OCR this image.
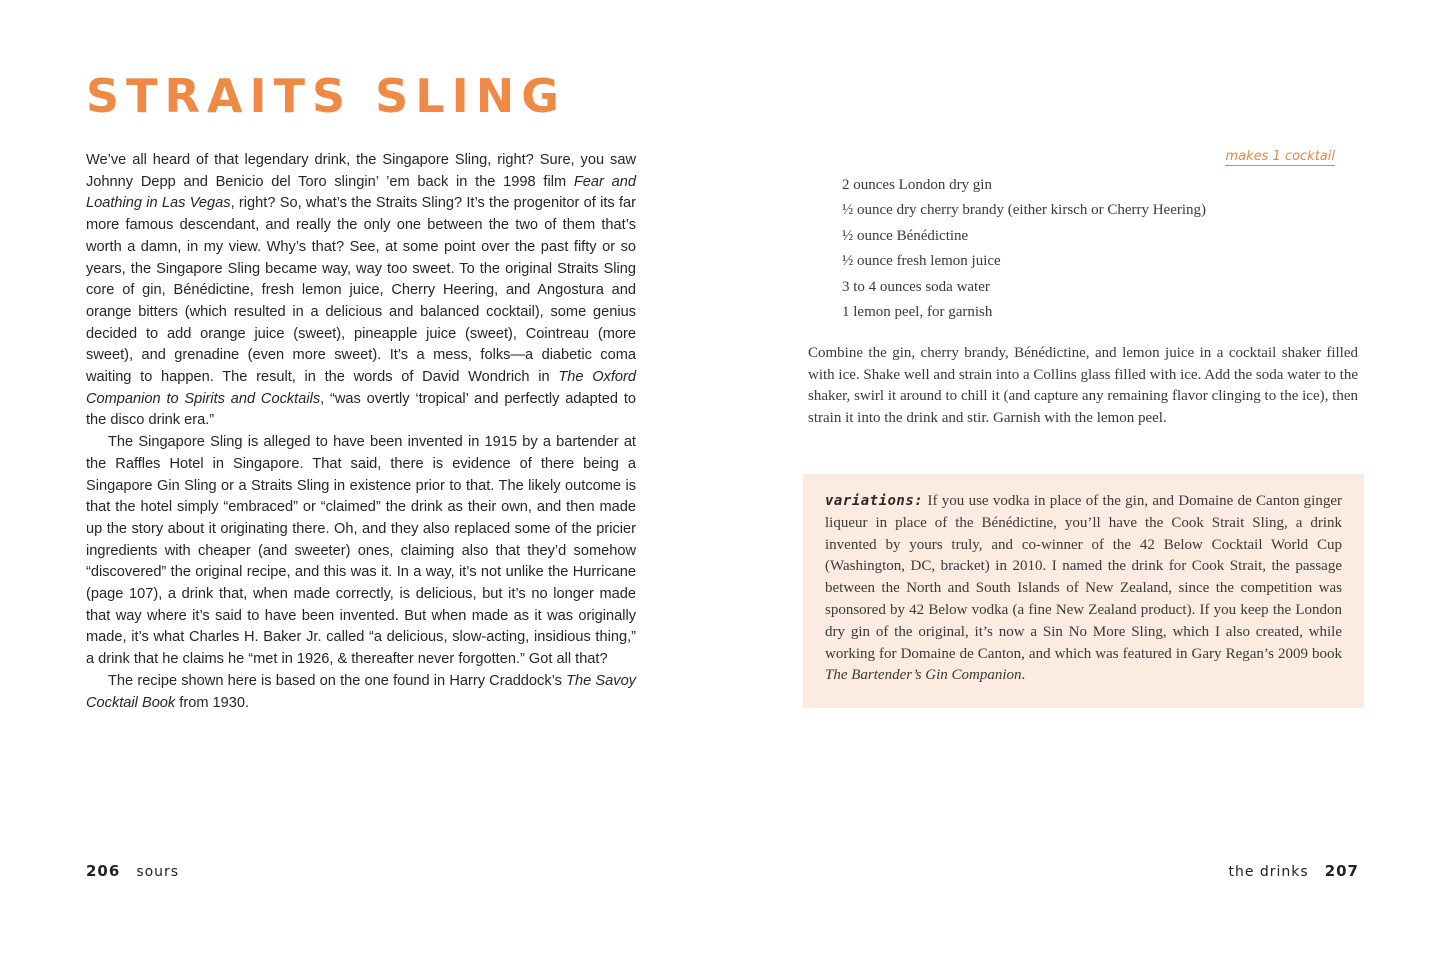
STRAITS SLING

We’ve all heard of that legendary drink, the Singapore Sling, right? Sure, you saw Johnny Depp and Benicio del Toro slingin’ ’em back in the 1998 film Fear and Loathing in Las Vegas, right? So, what’s the Straits Sling? It’s the progenitor of its far more famous descendant, and really the only one between the two of them that’s worth a damn, in my view. Why’s that? See, at some point over the past fifty or so years, the Singapore Sling became way, way too sweet. To the original Straits Sling core of gin, Bénédictine, fresh lemon juice, Cherry Heering, and Angostura and orange bitters (which resulted in a delicious and balanced cocktail), some genius decided to add orange juice (sweet), pineapple juice (sweet), Cointreau (more sweet), and grenadine (even more sweet). It’s a mess, folks—a diabetic coma waiting to happen. The result, in the words of David Wondrich in The Oxford Companion to Spirits and Cocktails, “was overtly ‘tropical’ and perfectly adapted to the disco drink era.”

The Singapore Sling is alleged to have been invented in 1915 by a bartender at the Raffles Hotel in Singapore. That said, there is evidence of there being a Singapore Gin Sling or a Straits Sling in existence prior to that. The likely outcome is that the hotel simply “embraced” or “claimed” the drink as their own, and then made up the story about it originating there. Oh, and they also replaced some of the pricier ingredients with cheaper (and sweeter) ones, claiming also that they’d somehow “discovered” the original recipe, and this was it. In a way, it’s not unlike the Hurricane (page 107), a drink that, when made correctly, is delicious, but it’s no longer made that way where it’s said to have been invented. But when made as it was originally made, it’s what Charles H. Baker Jr. called “a delicious, slow-acting, insidious thing,” a drink that he claims he “met in 1926, & thereafter never forgotten.” Got all that?

The recipe shown here is based on the one found in Harry Craddock’s The Savoy Cocktail Book from 1930.

206 sours
makes 1 cocktail
2 ounces London dry gin
½ ounce dry cherry brandy (either kirsch or Cherry Heering)
½ ounce Bénédictine
½ ounce fresh lemon juice
3 to 4 ounces soda water
1 lemon peel, for garnish

Combine the gin, cherry brandy, Bénédictine, and lemon juice in a cocktail shaker filled with ice. Shake well and strain into a Collins glass filled with ice. Add the soda water to the shaker, swirl it around to chill it (and capture any remaining flavor clinging to the ice), then strain it into the drink and stir. Garnish with the lemon peel.

variations: If you use vodka in place of the gin, and Domaine de Canton ginger liqueur in place of the Bénédictine, you’ll have the Cook Strait Sling, a drink invented by yours truly, and co-winner of the 42 Below Cocktail World Cup (Washington, DC, bracket) in 2010. I named the drink for Cook Strait, the passage between the North and South Islands of New Zealand, since the competition was sponsored by 42 Below vodka (a fine New Zealand product). If you keep the London dry gin of the original, it’s now a Sin No More Sling, which I also created, while working for Domaine de Canton, and which was featured in Gary Regan’s 2009 book The Bartender’s Gin Companion.

the drinks 207
